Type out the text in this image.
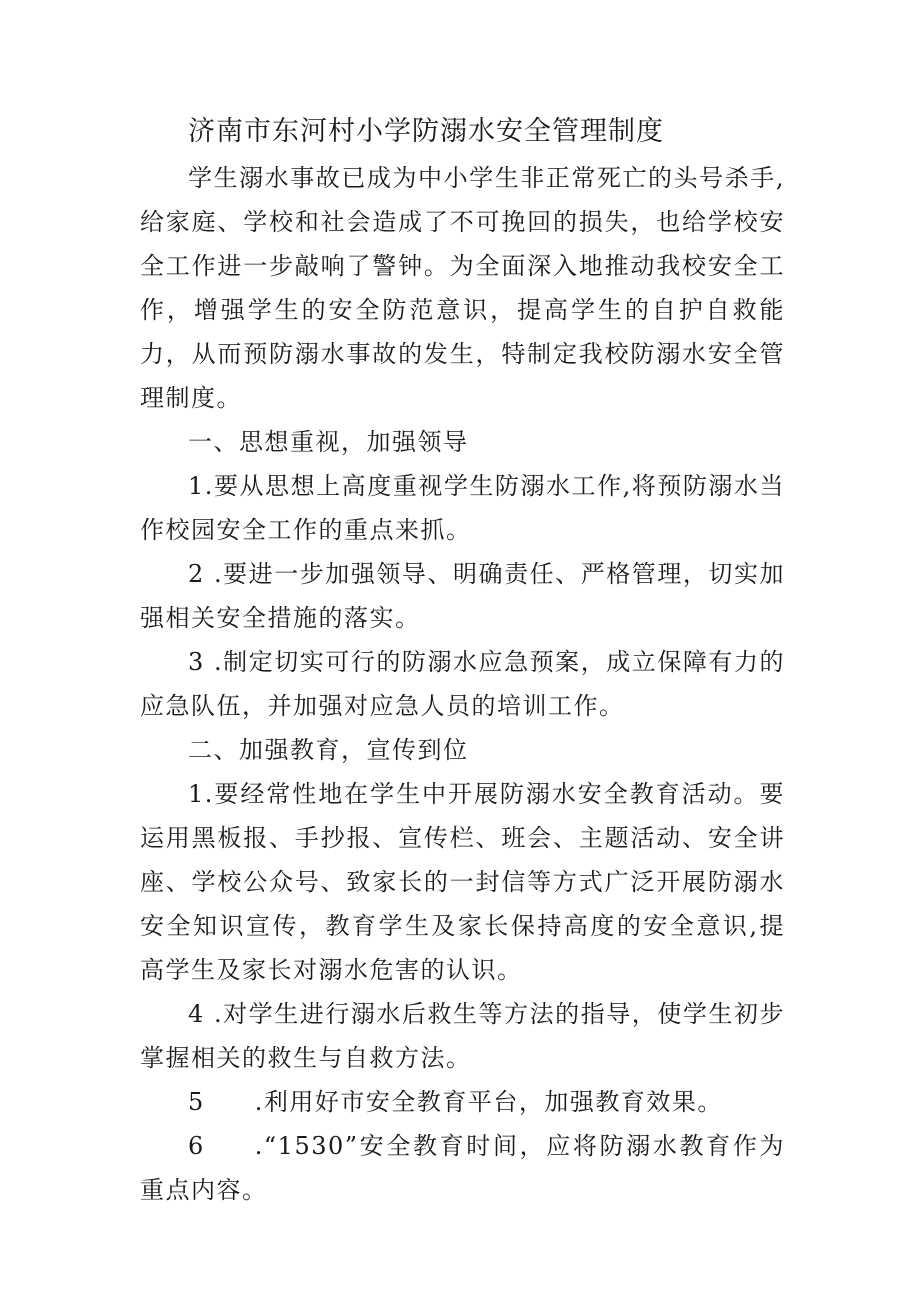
济南市东河村小学防溺水安全管理制度

学生溺水事故已成为中小学生非正常死亡的头号杀手,给家庭、学校和社会造成了不可挽回的损失，也给学校安全工作进一步敲响了警钟。为全面深入地推动我校安全工作，增强学生的安全防范意识，提高学生的自护自救能力，从而预防溺水事故的发生，特制定我校防溺水安全管理制度。

一、思想重视，加强领导

1.要从思想上高度重视学生防溺水工作,将预防溺水当作校园安全工作的重点来抓。

2 .要进一步加强领导、明确责任、严格管理，切实加强相关安全措施的落实。

3 .制定切实可行的防溺水应急预案，成立保障有力的应急队伍，并加强对应急人员的培训工作。

二、加强教育，宣传到位

1.要经常性地在学生中开展防溺水安全教育活动。要运用黑板报、手抄报、宣传栏、班会、主题活动、安全讲座、学校公众号、致家长的一封信等方式广泛开展防溺水安全知识宣传，教育学生及家长保持高度的安全意识,提高学生及家长对溺水危害的认识。

4 .对学生进行溺水后救生等方法的指导，使学生初步掌握相关的救生与自救方法。

5 .利用好市安全教育平台，加强教育效果。

6 .“1530”安全教育时间，应将防溺水教育作为重点内容。
